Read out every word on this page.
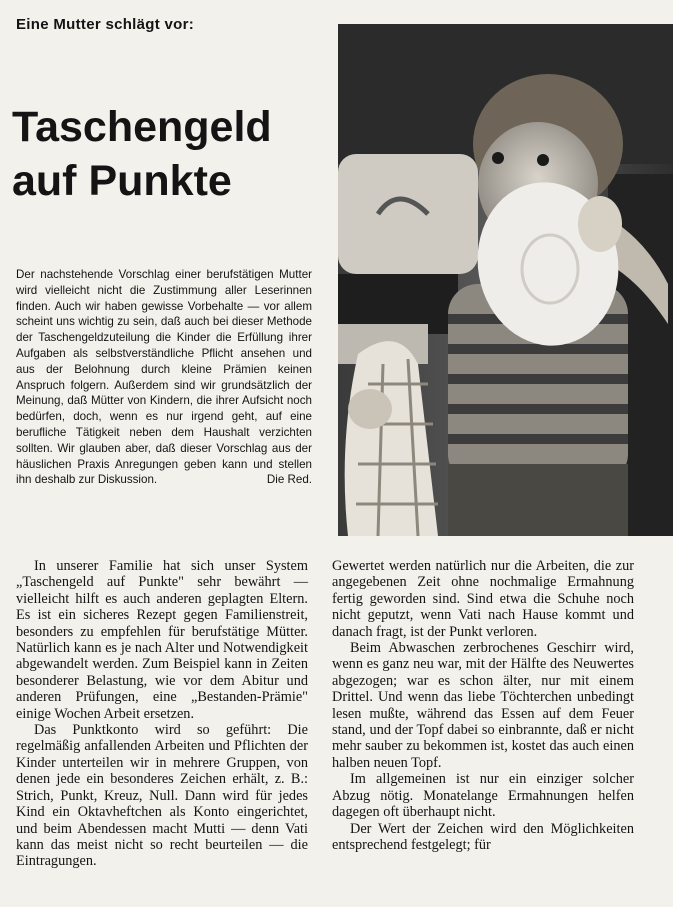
Eine Mutter schlägt vor:
Taschengeld
auf Punkte
Der nachstehende Vorschlag einer berufstätigen Mutter wird vielleicht nicht die Zustimmung aller Leserinnen finden. Auch wir haben gewisse Vorbehalte — vor allem scheint uns wichtig zu sein, daß auch bei dieser Methode der Taschengeldzuteilung die Kinder die Erfüllung ihrer Aufgaben als selbstverständliche Pflicht ansehen und aus der Belohnung durch kleine Prämien keinen Anspruch folgern. Außerdem sind wir grundsätzlich der Meinung, daß Mütter von Kindern, die ihrer Aufsicht noch bedürfen, doch, wenn es nur irgend geht, auf eine berufliche Tätigkeit neben dem Haushalt verzichten sollten. Wir glauben aber, daß dieser Vorschlag aus der häuslichen Praxis Anregungen geben kann und stellen ihn deshalb zur Diskussion.	Die Red.

In unserer Familie hat sich unser System „Taschengeld auf Punkte" sehr bewährt — vielleicht hilft es auch anderen geplagten Eltern. Es ist ein sicheres Rezept gegen Familienstreit, besonders zu empfehlen für berufstätige Mütter. Natürlich kann es je nach Alter und Notwendigkeit abgewandelt werden. Zum Beispiel kann in Zeiten besonderer Belastung, wie vor dem Abitur und anderen Prüfungen, eine „Bestanden-Prämie" einige Wochen Arbeit ersetzen.

Das Punktkonto wird so geführt: Die regelmäßig anfallenden Arbeiten und Pflichten der Kinder unterteilen wir in mehrere Gruppen, von denen jede ein besonderes Zeichen erhält, z. B.: Strich, Punkt, Kreuz, Null. Dann wird für jedes Kind ein Oktavheftchen als Konto eingerichtet, und beim Abendessen macht Mutti — denn Vati kann das meist nicht so recht beurteilen — die Eintragungen.

Gewertet werden natürlich nur die Arbeiten, die zur angegebenen Zeit ohne nochmalige Ermahnung fertig geworden sind. Sind etwa die Schuhe noch nicht geputzt, wenn Vati nach Hause kommt und danach fragt, ist der Punkt verloren.

Beim Abwaschen zerbrochenes Geschirr wird, wenn es ganz neu war, mit der Hälfte des Neuwertes abgezogen; war es schon älter, nur mit einem Drittel. Und wenn das liebe Töchterchen unbedingt lesen mußte, während das Essen auf dem Feuer stand, und der Topf dabei so einbrannte, daß er nicht mehr sauber zu bekommen ist, kostet das auch einen halben neuen Topf.

Im allgemeinen ist nur ein einziger solcher Abzug nötig. Monatelange Ermahnungen helfen dagegen oft überhaupt nicht.

Der Wert der Zeichen wird den Möglichkeiten entsprechend festgelegt; für
